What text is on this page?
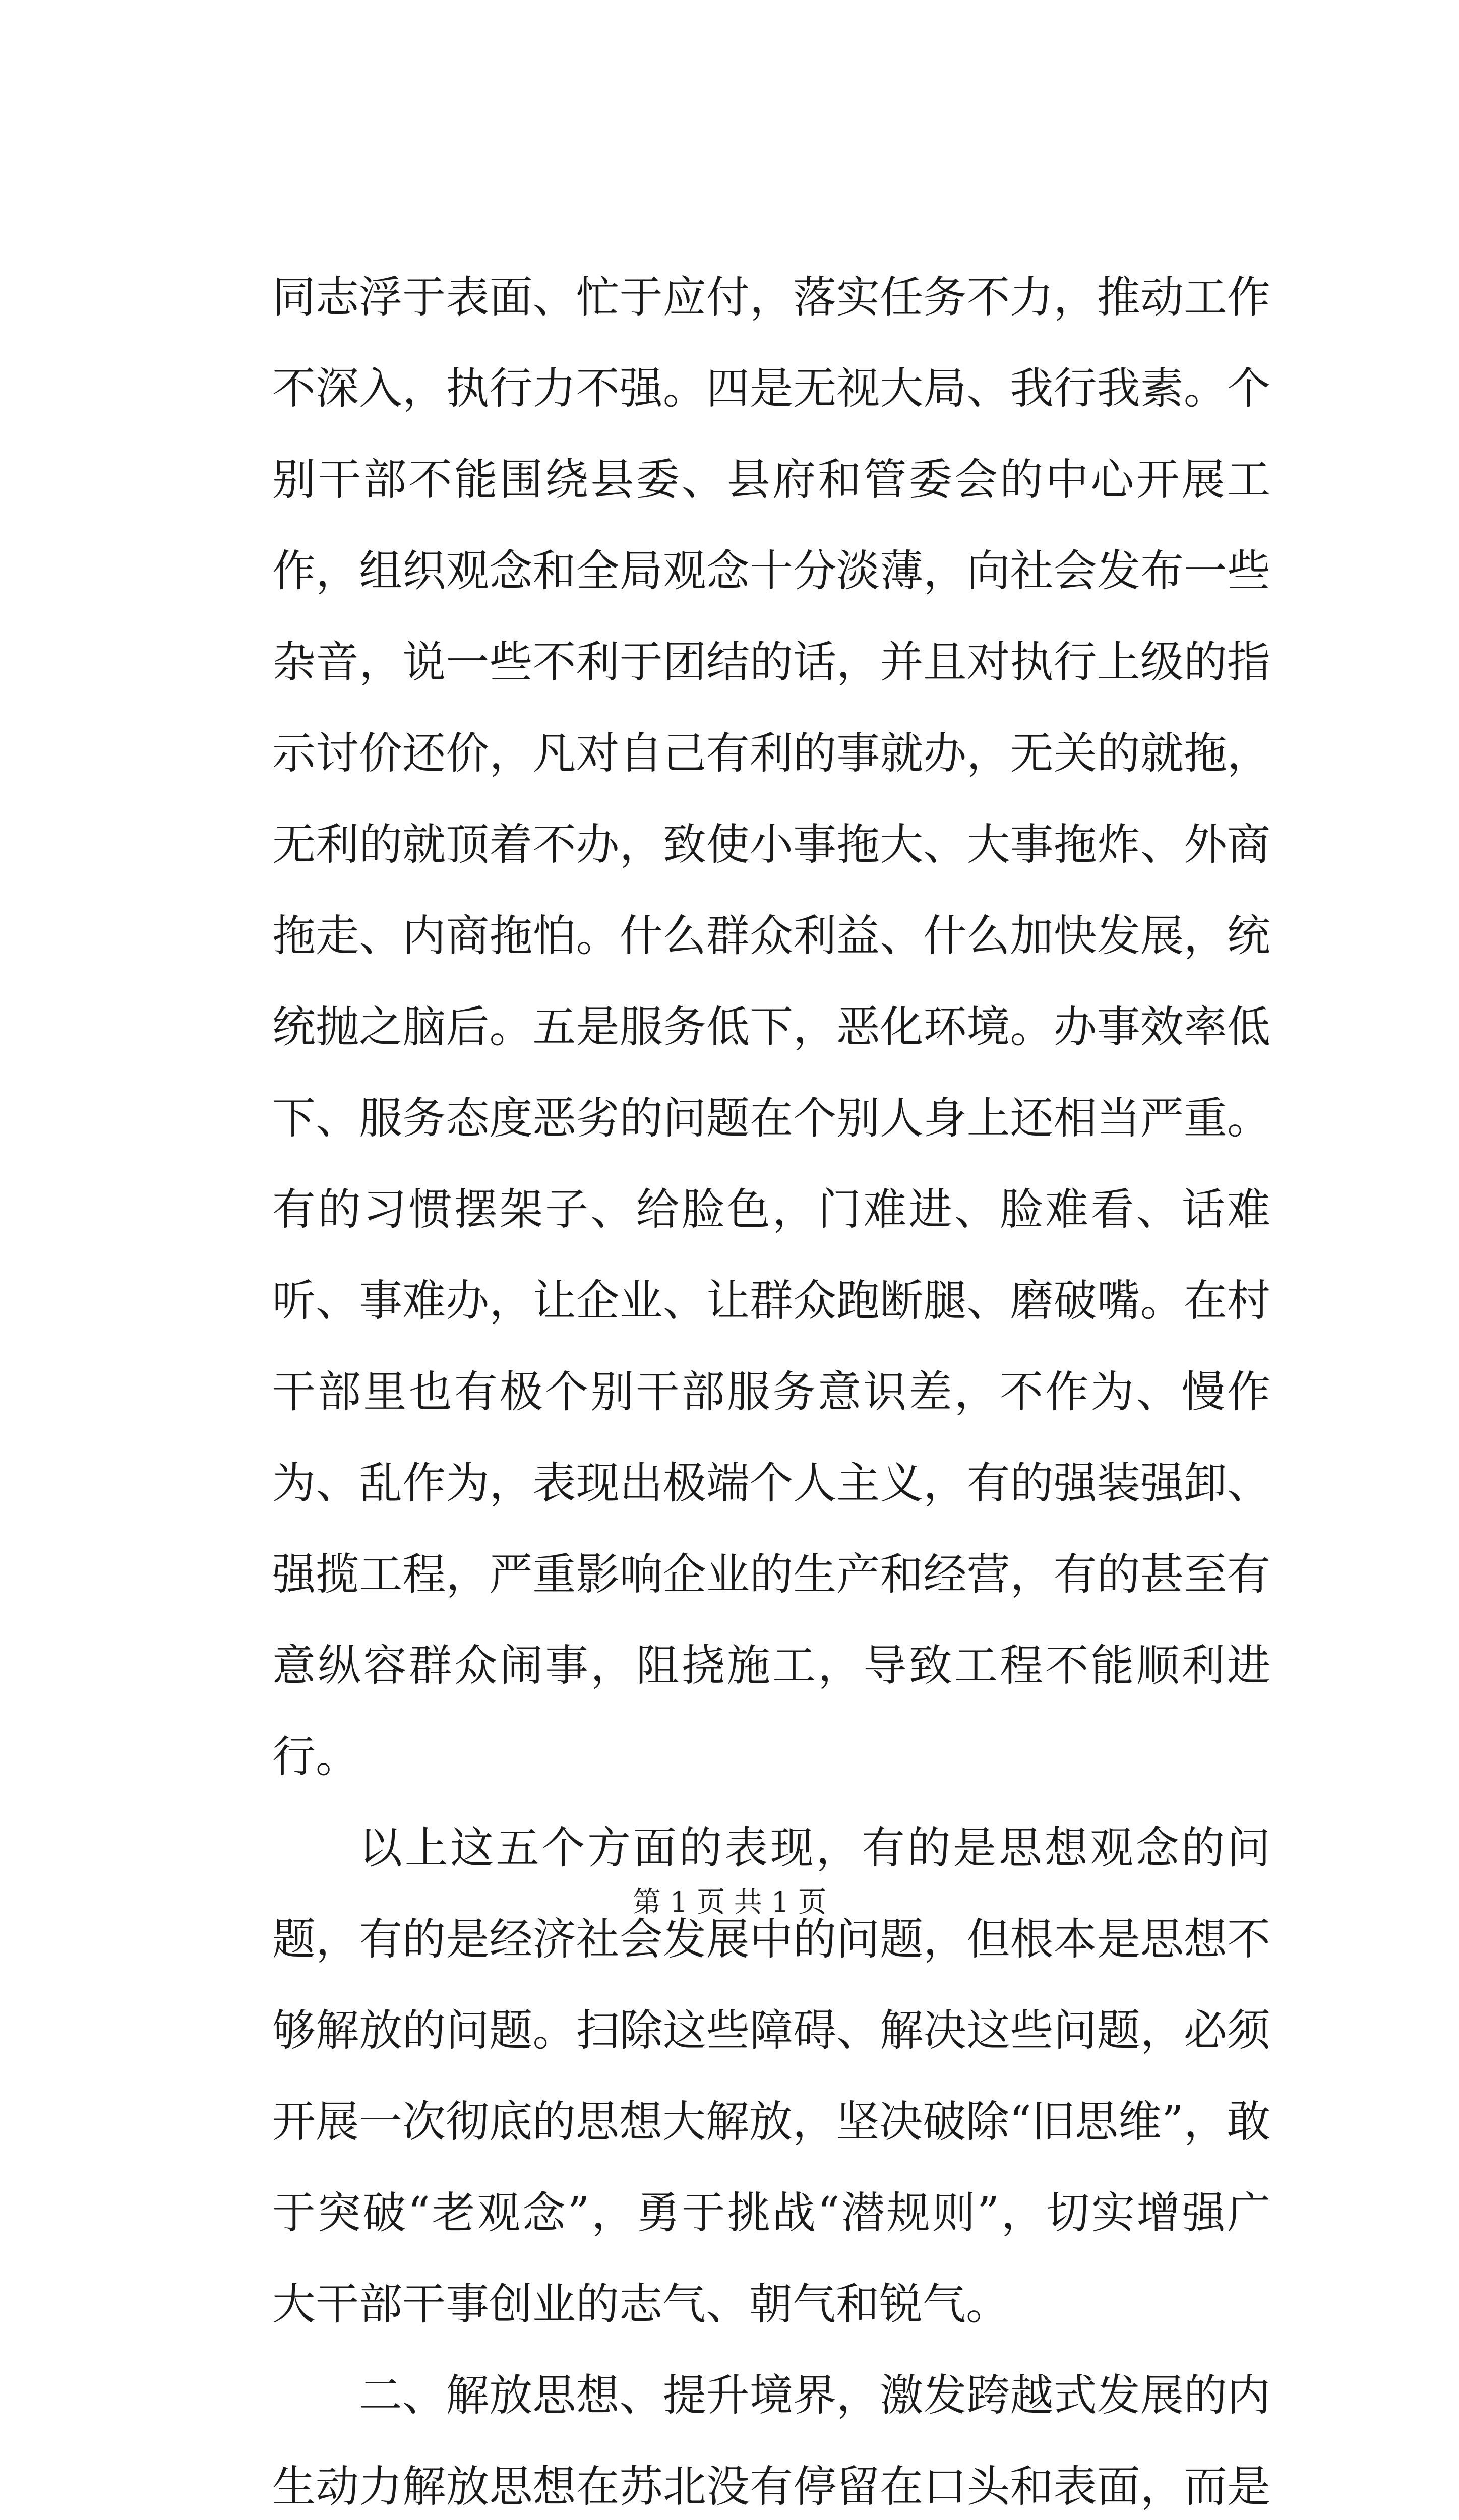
同志浮于表面、忙于应付，落实任务不力，推动工作不深入，执行力不强。四是无视大局、我行我素。个别干部不能围绕县委、县府和管委会的中心开展工作，组织观念和全局观念十分淡薄，向社会发布一些杂音，说一些不利于团结的话，并且对执行上级的指示讨价还价，凡对自己有利的事就办，无关的就拖，无利的就顶着不办，致使小事拖大、大事拖炸、外商拖走、内商拖怕。什么群众利益、什么加快发展，统统抛之脑后。五是服务低下，恶化环境。办事效率低下、服务态度恶劣的问题在个别人身上还相当严重。有的习惯摆架子、给脸色，门难进、脸难看、话难听、事难办，让企业、让群众跑断腿、磨破嘴。在村干部里也有极个别干部服务意识差，不作为、慢作为、乱作为，表现出极端个人主义，有的强装强卸、强揽工程，严重影响企业的生产和经营，有的甚至有意纵容群众闹事，阻挠施工，导致工程不能顺利进行。

以上这五个方面的表现，有的是思想观念的问题，有的是经济社会发展中的问题，但根本是思想不够解放的问题。扫除这些障碍、解决这些问题，必须开展一次彻底的思想大解放，坚决破除“旧思维”，敢于突破“老观念”，勇于挑战“潜规则”，切实增强广大干部干事创业的志气、朝气和锐气。

二、解放思想、提升境界，激发跨越式发展的内生动力解放思想在苏北没有停留在口头和表面，而是

第 1 页 共 1 页
